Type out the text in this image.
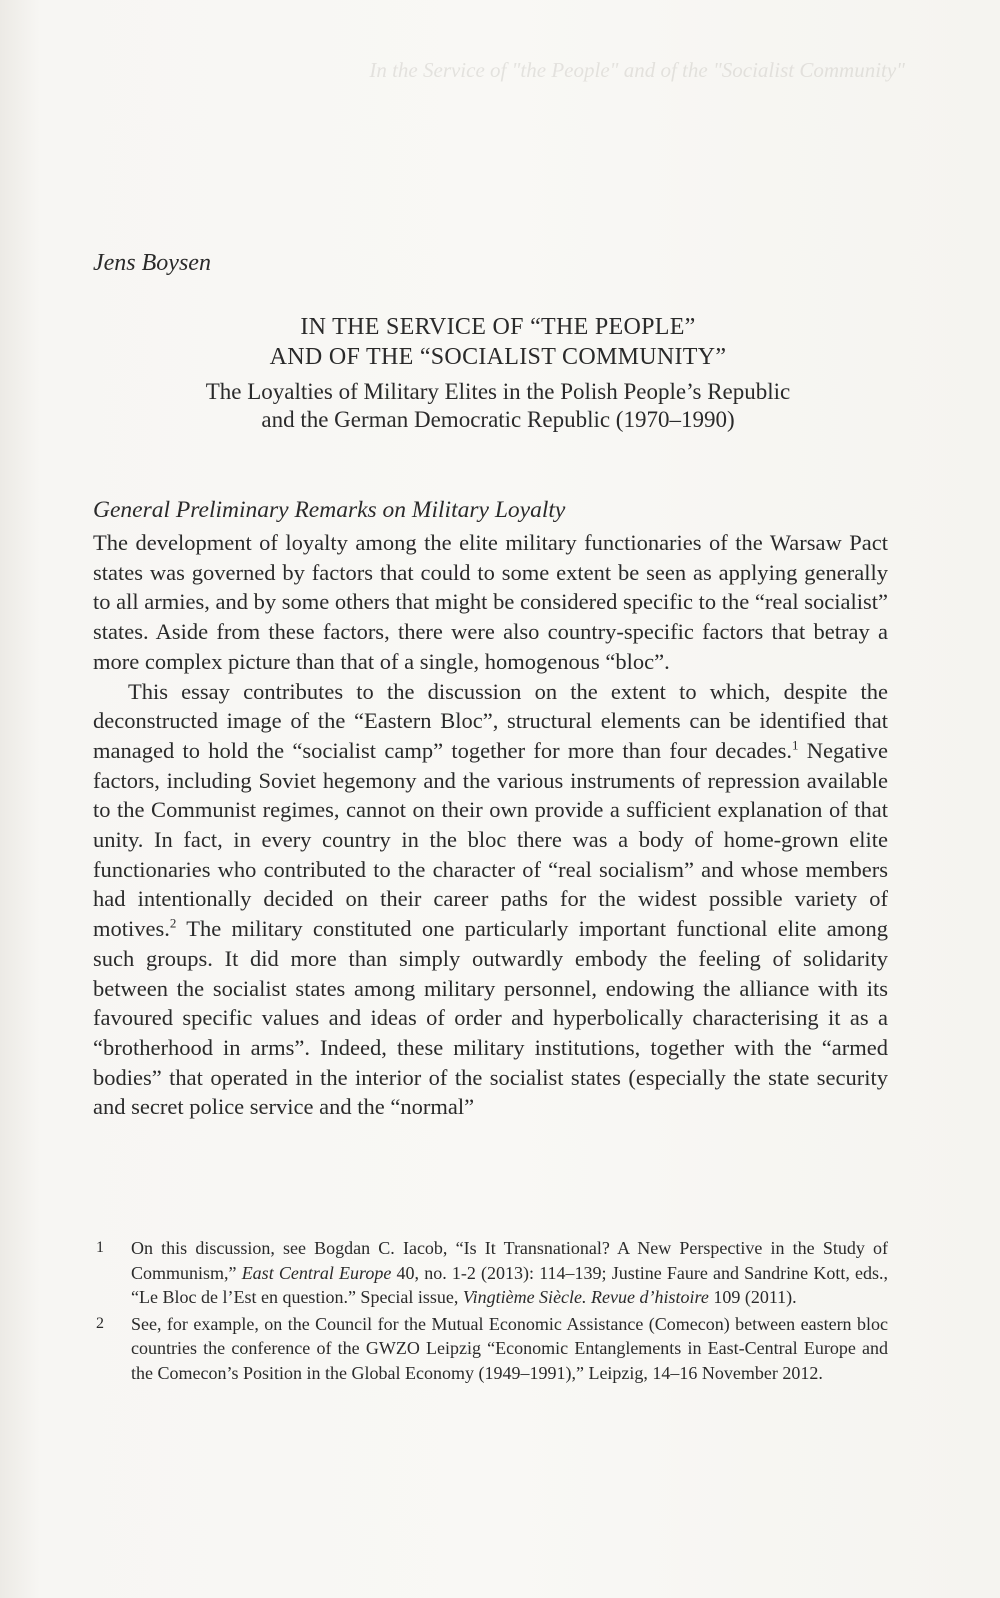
In the Service of "the People" and of the "Socialist Community"
Jens Boysen
IN THE SERVICE OF “THE PEOPLE”
AND OF THE “SOCIALIST COMMUNITY”
The Loyalties of Military Elites in the Polish People’s Republic
and the German Democratic Republic (1970–1990)
General Preliminary Remarks on Military Loyalty

The development of loyalty among the elite military functionaries of the Warsaw Pact states was governed by factors that could to some extent be seen as applying generally to all armies, and by some others that might be considered specific to the “real socialist” states. Aside from these factors, there were also country-specific factors that betray a more complex picture than that of a single, homogenous “bloc”.

This essay contributes to the discussion on the extent to which, despite the deconstructed image of the “Eastern Bloc”, structural elements can be identified that managed to hold the “socialist camp” together for more than four decades.$^1$ Negative factors, including Soviet hegemony and the various instruments of repression available to the Communist regimes, cannot on their own provide a sufficient explanation of that unity. In fact, in every country in the bloc there was a body of home-grown elite functionaries who contributed to the character of “real socialism” and whose members had intentionally decided on their career paths for the widest possible variety of motives.$^2$ The military constituted one particularly important functional elite among such groups. It did more than simply outwardly embody the feeling of solidarity between the socialist states among military personnel, endowing the alliance with its favoured specific values and ideas of order and hyperbolically characterising it as a “brotherhood in arms”. Indeed, these military institutions, together with the “armed bodies” that operated in the interior of the socialist states (especially the state security and secret police service and the “normal”

1 On this discussion, see Bogdan C. Iacob, “Is It Transnational? A New Perspective in the Study of Communism,” East Central Europe 40, no. 1-2 (2013): 114–139; Justine Faure and Sandrine Kott, eds., “Le Bloc de l’Est en question.” Special issue, Vingtième Siècle. Revue d’histoire 109 (2011).
2 See, for example, on the Council for the Mutual Economic Assistance (Comecon) between eastern bloc countries the conference of the GWZO Leipzig “Economic Entanglements in East-Central Europe and the Comecon’s Position in the Global Economy (1949–1991),” Leipzig, 14–16 November 2012.
